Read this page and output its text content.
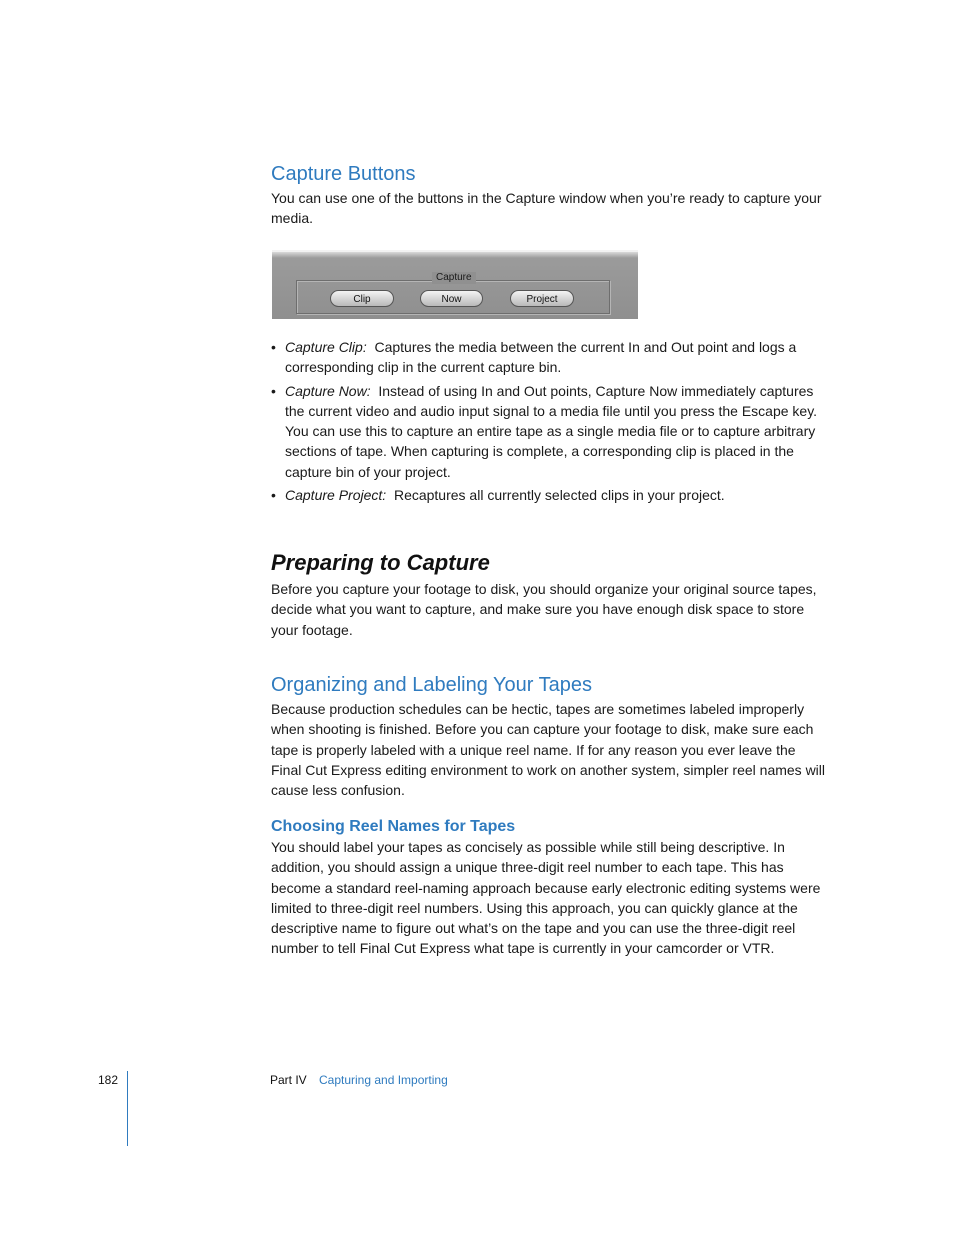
Capture Buttons

You can use one of the buttons in the Capture window when you’re ready to capture your media.

• Capture Clip: Captures the media between the current In and Out point and logs a corresponding clip in the current capture bin.
• Capture Now: Instead of using In and Out points, Capture Now immediately captures the current video and audio input signal to a media file until you press the Escape key. You can use this to capture an entire tape as a single media file or to capture arbitrary sections of tape. When capturing is complete, a corresponding clip is placed in the capture bin of your project.
• Capture Project: Recaptures all currently selected clips in your project.
Preparing to Capture

Before you capture your footage to disk, you should organize your original source tapes, decide what you want to capture, and make sure you have enough disk space to store your footage.

Organizing and Labeling Your Tapes

Because production schedules can be hectic, tapes are sometimes labeled improperly when shooting is finished. Before you can capture your footage to disk, make sure each tape is properly labeled with a unique reel name. If for any reason you ever leave the Final Cut Express editing environment to work on another system, simpler reel names will cause less confusion.

Choosing Reel Names for Tapes

You should label your tapes as concisely as possible while still being descriptive. In addition, you should assign a unique three-digit reel number to each tape. This has become a standard reel-naming approach because early electronic editing systems were limited to three-digit reel numbers. Using this approach, you can quickly glance at the descriptive name to figure out what’s on the tape and you can use the three-digit reel number to tell Final Cut Express what tape is currently in your camcorder or VTR.

Capture
Clip	Now	Project
182	Part IV Capturing and Importing
